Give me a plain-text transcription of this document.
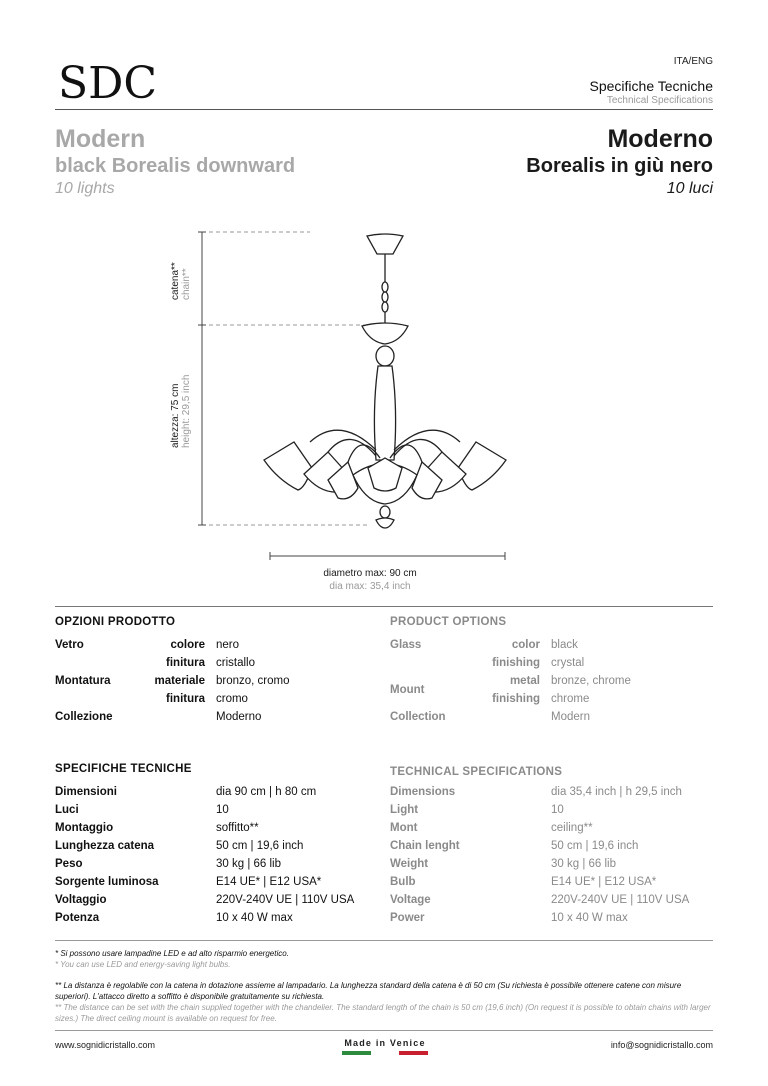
SDC	ITA/ENG
Specifiche Tecniche
Technical Specifications
Modern
black Borealis downward
10 lights
Moderno
Borealis in giù nero
10 luci
catena** chain**
altezza: 75 cm height: 29,5 inch
diametro max: 90 cm
dia max: 35,4 inch
OPZIONI PRODOTTO	PRODUCT OPTIONS
Vetro	colore nero
finitura cristallo
Montatura	materiale bronzo, cromo
finitura cromo
Collezione	Moderno
Glass	color black
finishing crystal
Mount
metal bronze, chrome
finishing chrome
Collection	Modern
SPECIFICHE TECNICHE	TECHNICAL SPECIFICATIONS
Dimensioni	dia 90 cm | h 80 cm
Luci	10
Montaggio	soffitto**
Lunghezza catena	50 cm | 19,6 inch
Peso	30 kg | 66 lib
Sorgente luminosa	E14 UE* | E12 USA*
Voltaggio	220V-240V UE | 110V USA
Potenza	10 x 40 W max
Dimensions	dia 35,4 inch | h 29,5 inch
Light	10
Mont	ceiling**
Chain lenght	50 cm | 19,6 inch
Weight	30 kg | 66 lib
Bulb	E14 UE* | E12 USA*
Voltage	220V-240V UE | 110V USA
Power	10 x 40 W max
* Si possono usare lampadine LED e ad alto risparmio energetico.
* You can use LED and energy-saving light bulbs.
** La distanza è regolabile con la catena in dotazione assieme al lampadario. La lunghezza standard della catena è di 50 cm (Su richiesta è possibile ottenere catene con misure superiori). L'attacco diretto a soffitto è disponibile gratuitamente su richiesta.
** The distance can be set with the chain supplied together with the chandelier. The standard length of the chain is 50 cm (19,6 inch) (On request it is possible to obtain chains with larger sizes.) The direct ceiling mount is available on request for free.
www.sognidicristallo.com	Made in Venice	info@sognidicristallo.com
